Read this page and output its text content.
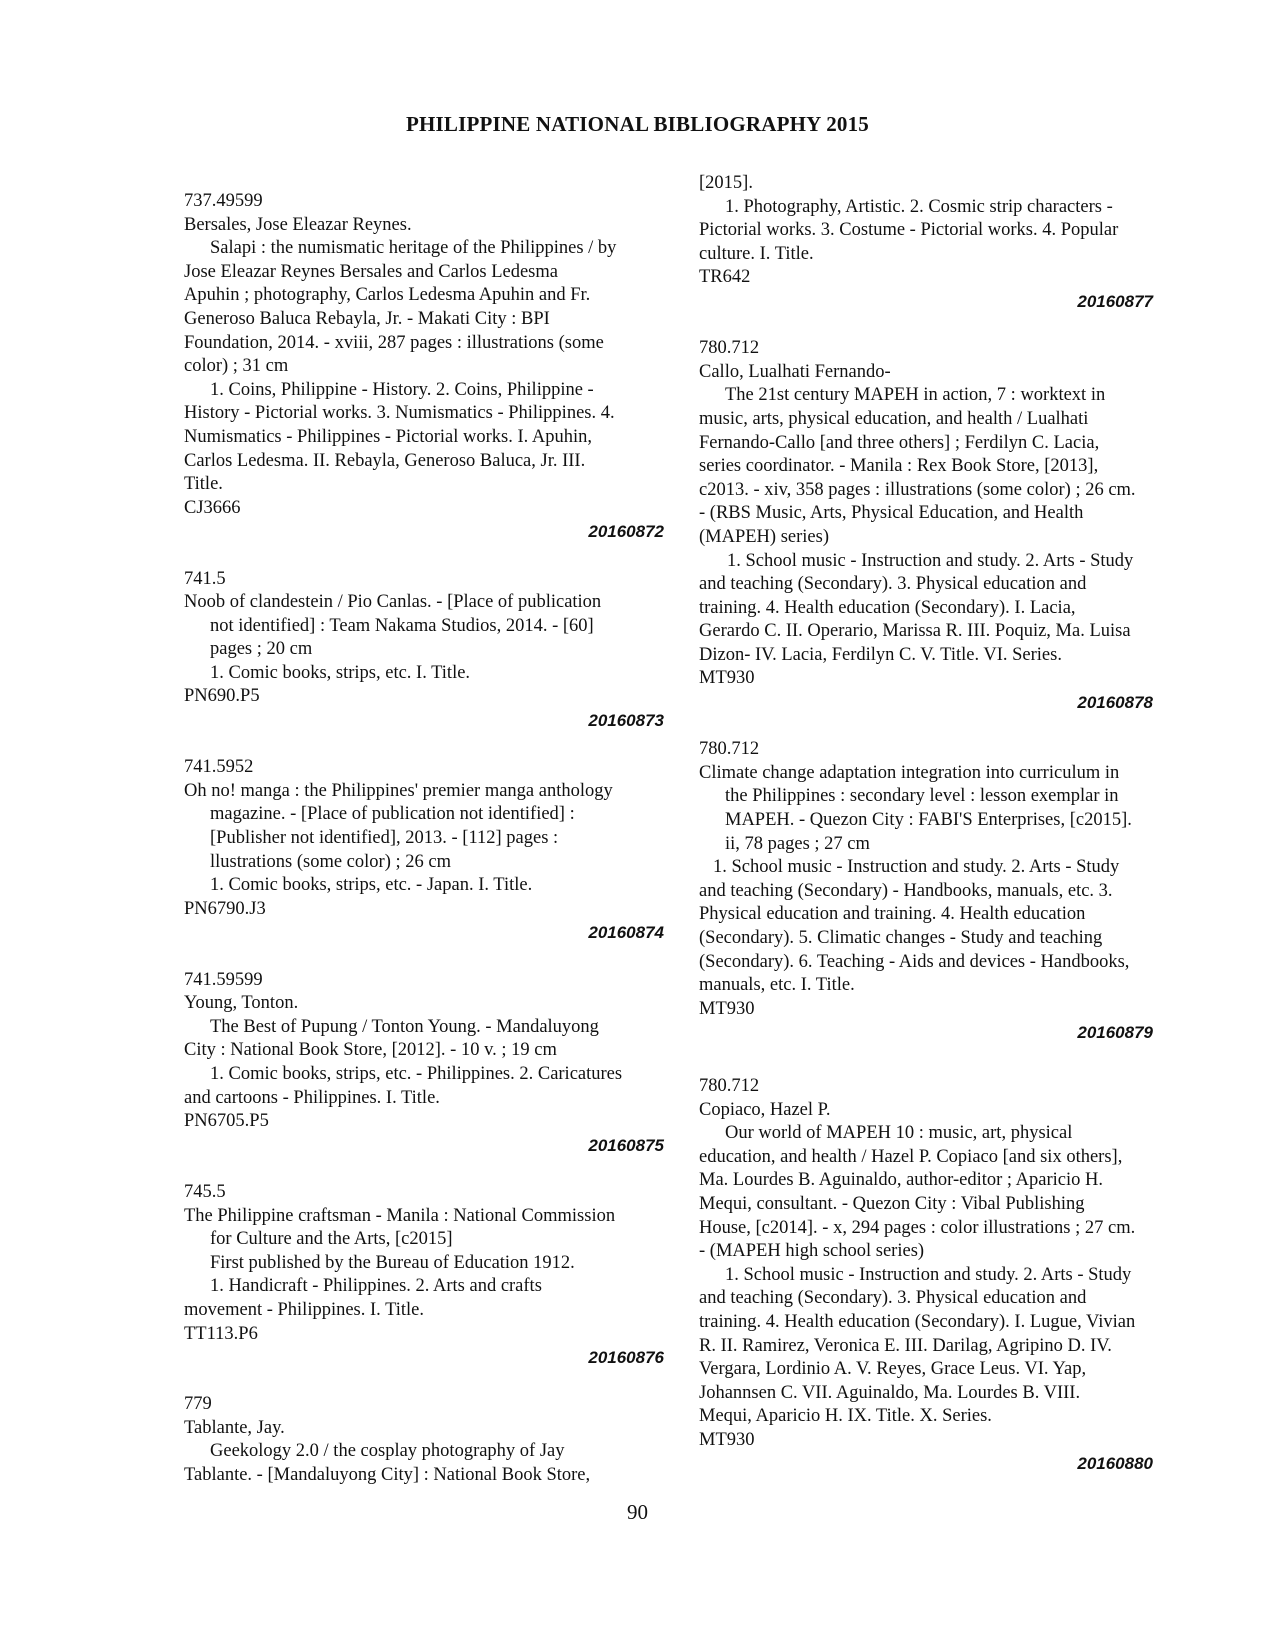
PHILIPPINE NATIONAL BIBLIOGRAPHY 2015
737.49599
Bersales, Jose Eleazar Reynes.
Salapi : the numismatic heritage of the Philippines / by
Jose Eleazar Reynes Bersales and Carlos Ledesma
Apuhin ; photography, Carlos Ledesma Apuhin and Fr.
Generoso Baluca Rebayla, Jr. - Makati City : BPI
Foundation, 2014. - xviii, 287 pages : illustrations (some
color) ; 31 cm
1. Coins, Philippine - History. 2. Coins, Philippine -
History - Pictorial works. 3. Numismatics - Philippines. 4.
Numismatics - Philippines - Pictorial works. I. Apuhin,
Carlos Ledesma. II. Rebayla, Generoso Baluca, Jr. III.
Title.
CJ3666
20160872
741.5
Noob of clandestein / Pio Canlas. - [Place of publication
not identified] : Team Nakama Studios, 2014. - [60]
pages ; 20 cm
1. Comic books, strips, etc. I. Title.
PN690.P5
20160873
741.5952
Oh no! manga : the Philippines' premier manga anthology
magazine. - [Place of publication not identified] :
[Publisher not identified], 2013. - [112] pages :
llustrations (some color) ; 26 cm
1. Comic books, strips, etc. - Japan. I. Title.
PN6790.J3
20160874
741.59599
Young, Tonton.
The Best of Pupung / Tonton Young. - Mandaluyong
City : National Book Store, [2012]. - 10 v. ; 19 cm
1. Comic books, strips, etc. - Philippines. 2. Caricatures
and cartoons - Philippines. I. Title.
PN6705.P5
20160875
745.5
The Philippine craftsman - Manila : National Commission
for Culture and the Arts, [c2015]
First published by the Bureau of Education 1912.
1. Handicraft - Philippines. 2. Arts and crafts
movement - Philippines. I. Title.
TT113.P6
20160876
779
Tablante, Jay.
Geekology 2.0 / the cosplay photography of Jay
Tablante. - [Mandaluyong City] : National Book Store,
[2015].
1. Photography, Artistic. 2. Cosmic strip characters -
Pictorial works. 3. Costume - Pictorial works. 4. Popular
culture. I. Title.
TR642
20160877
780.712
Callo, Lualhati Fernando-
The 21st century MAPEH in action, 7 : worktext in
music, arts, physical education, and health / Lualhati
Fernando-Callo [and three others] ; Ferdilyn C. Lacia,
series coordinator. - Manila : Rex Book Store, [2013],
c2013. - xiv, 358 pages : illustrations (some color) ; 26 cm.
- (RBS Music, Arts, Physical Education, and Health
(MAPEH) series)
1. School music - Instruction and study. 2. Arts - Study
and teaching (Secondary). 3. Physical education and
training. 4. Health education (Secondary). I. Lacia,
Gerardo C. II. Operario, Marissa R. III. Poquiz, Ma. Luisa
Dizon- IV. Lacia, Ferdilyn C. V. Title. VI. Series.
MT930
20160878
780.712
Climate change adaptation integration into curriculum in
the Philippines : secondary level : lesson exemplar in
MAPEH. - Quezon City : FABI'S Enterprises, [c2015].
ii, 78 pages ; 27 cm
1. School music - Instruction and study. 2. Arts - Study
and teaching (Secondary) - Handbooks, manuals, etc. 3.
Physical education and training. 4. Health education
(Secondary). 5. Climatic changes - Study and teaching
(Secondary). 6. Teaching - Aids and devices - Handbooks,
manuals, etc. I. Title.
MT930
20160879
780.712
Copiaco, Hazel P.
Our world of MAPEH 10 : music, art, physical
education, and health / Hazel P. Copiaco [and six others],
Ma. Lourdes B. Aguinaldo, author-editor ; Aparicio H.
Mequi, consultant. - Quezon City : Vibal Publishing
House, [c2014]. - x, 294 pages : color illustrations ; 27 cm.
- (MAPEH high school series)
1. School music - Instruction and study. 2. Arts - Study
and teaching (Secondary). 3. Physical education and
training. 4. Health education (Secondary). I. Lugue, Vivian
R. II. Ramirez, Veronica E. III. Darilag, Agripino D. IV.
Vergara, Lordinio A. V. Reyes, Grace Leus. VI. Yap,
Johannsen C. VII. Aguinaldo, Ma. Lourdes B. VIII.
Mequi, Aparicio H. IX. Title. X. Series.
MT930
20160880
90
